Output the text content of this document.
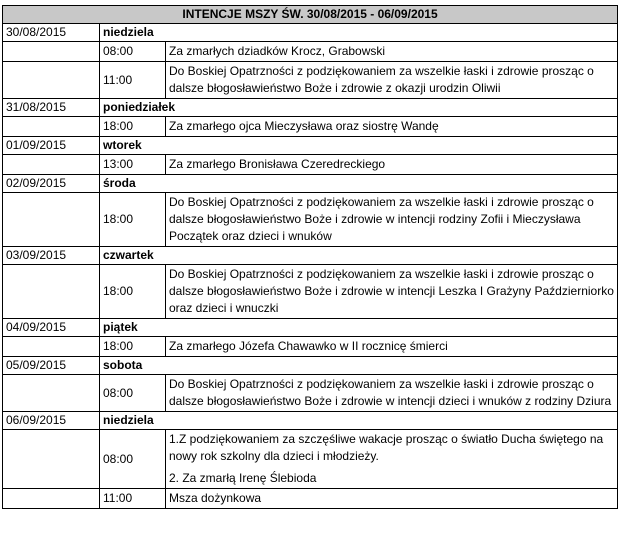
INTENCJE MSZY ŚW. 30/08/2015 - 06/09/2015		
30/08/2015	niedziela	
	08:00	Za zmarłych dziadków Krocz, Grabowski

	11:00	Do Boskiej Opatrzności z podziękowaniem za wszelkie łaski i zdrowie prosząc o dalsze błogosławieństwo Boże i zdrowie z okazji urodzin Oliwii

31/08/2015	poniedziałek	
	18:00	Za zmarłego ojca Mieczysława oraz siostrę Wandę

01/09/2015	wtorek	
	13:00	Za zmarłego Bronisława Czeredreckiego

02/09/2015	środa	
	18:00	Do Boskiej Opatrzności z podziękowaniem za wszelkie łaski i zdrowie prosząc o dalsze błogosławieństwo Boże i zdrowie w intencji rodziny Zofii i Mieczysława Początek oraz dzieci i wnuków

03/09/2015	czwartek	
	18:00	Do Boskiej Opatrzności z podziękowaniem za wszelkie łaski i zdrowie prosząc o dalsze błogosławieństwo Boże i zdrowie w intencji Leszka I Grażyny Październiorko oraz dzieci i wnuczki

04/09/2015	piątek	
	18:00	Za zmarłego Józefa Chawawko w II rocznicę śmierci

05/09/2015	sobota	
	08:00	Do Boskiej Opatrzności z podziękowaniem za wszelkie łaski i zdrowie prosząc o dalsze błogosławieństwo Boże i zdrowie w intencji dzieci i wnuków z rodziny Dziura

06/09/2015	niedziela	
	08:00	1.Z podziękowaniem za szczęśliwe wakacje prosząc o światło Ducha świętego na nowy rok szkolny dla dzieci i młodzieży.
2. Za zmarłą Irenę Ślebioda

	11:00	Msza dożynkowa
